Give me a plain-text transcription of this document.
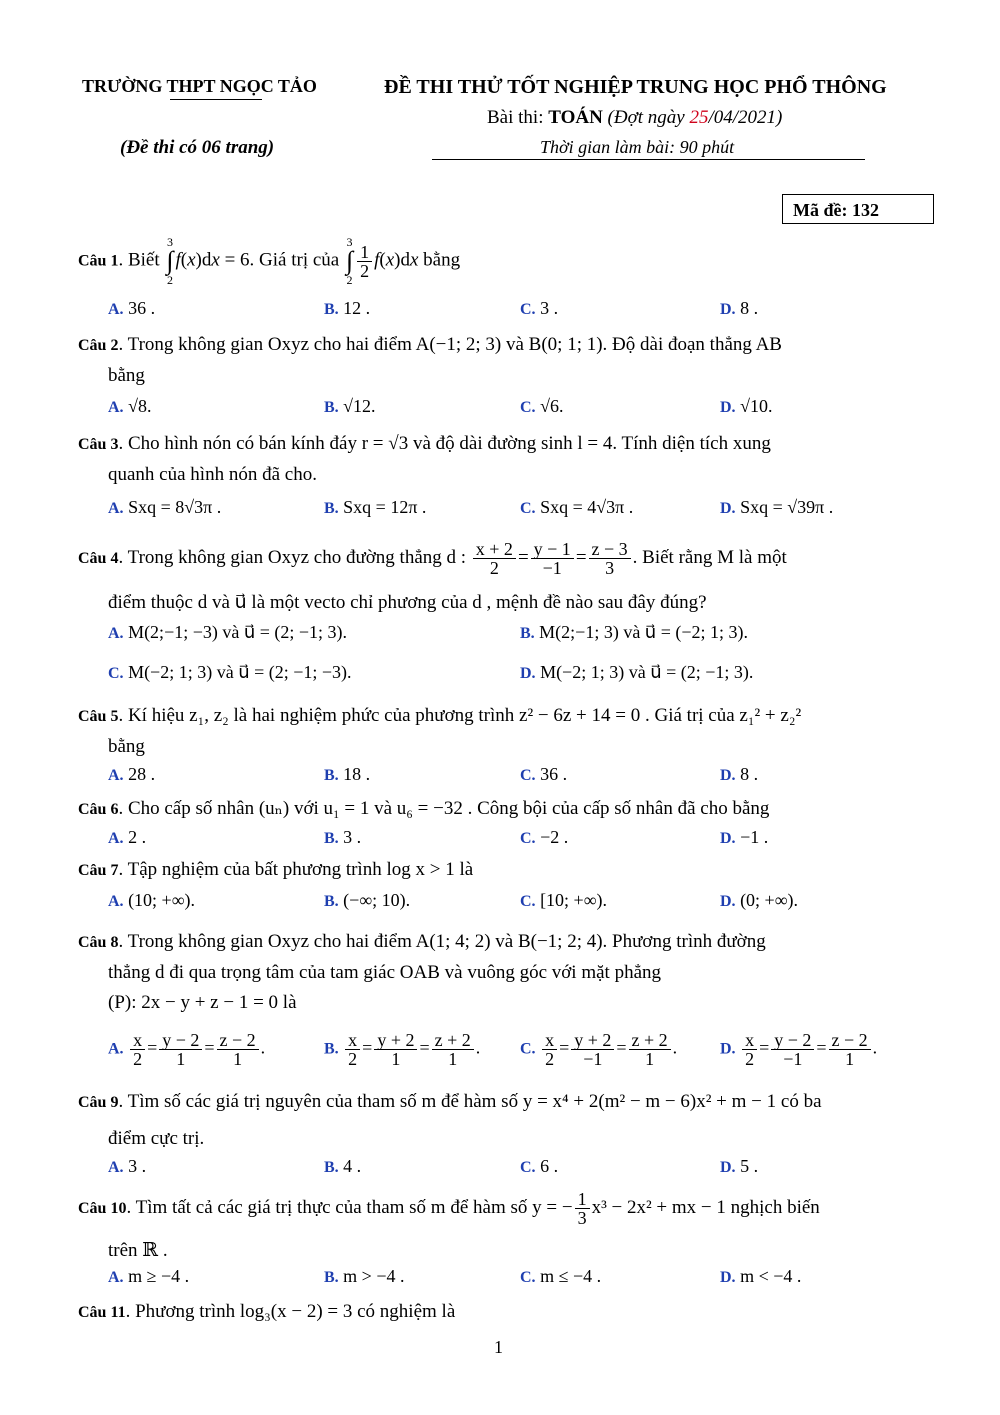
TRƯỜNG THPT NGỌC TẢO	ĐỀ THI THỬ TỐT NGHIỆP TRUNG HỌC PHỔ THÔNG
Bài thi: TOÁN (Đợt ngày 25/04/2021)
(Đề thi có 06 trang)	Thời gian làm bài: 90 phút
Mã đề: 132
Câu 1. Biết 3
∫
2f(x)dx = 6. Giá trị của 3
∫
2
$\frac{1}{2} f(x)dx$ bằng
A. 36 .	B. 12 .	C. 3 .	D. 8 .
Câu 2. Trong không gian Oxyz cho hai điểm A(−1; 2; 3) và B(0; 1; 1). Độ dài đoạn thẳng AB
bằng
A. √8.	B. √12.	C. √6.	D. √10.
Câu 3. Cho hình nón có bán kính đáy r = √3 và độ dài đường sinh l = 4. Tính diện tích xung
quanh của hình nón đã cho.
A. Sxq = 8√3π .	B. Sxq = 12π .	C. Sxq = 4√3π .	D. Sxq = √39π .
Câu 4. Trong không gian Oxyz cho đường thẳng d : $\frac{x + 2}{2} = \frac{y - 1}{-1} = \frac{z - 3}{3}$ . Biết rằng M là một
điểm thuộc d và u⃗ là một vecto chỉ phương của d , mệnh đề nào sau đây đúng?
A. M(2;−1; −3) và u⃗ = (2; −1; 3).	B. M(2;−1; 3) và u⃗ = (−2; 1; 3).
C. M(−2; 1; 3) và u⃗ = (2; −1; −3).	D. M(−2; 1; 3) và u⃗ = (2; −1; 3).
Câu 5. Kí hiệu z₁, z₂ là hai nghiệm phức của phương trình z² − 6z + 14 = 0 . Giá trị của z₁² + z₂²
bằng
A. 28 .	B. 18 .	C. 36 .	D. 8 .
Câu 6. Cho cấp số nhân (uₙ) với u₁ = 1 và u₆ = −32 . Công bội của cấp số nhân đã cho bằng
A. 2 .	B. 3 .	C. −2 .	D. −1 .
Câu 7. Tập nghiệm của bất phương trình log x > 1 là
A. (10; +∞).	B. (−∞; 10).	C. [10; +∞).	D. (0; +∞).
Câu 8. Trong không gian Oxyz cho hai điểm A(1; 4; 2) và B(−1; 2; 4). Phương trình đường
thẳng d đi qua trọng tâm của tam giác OAB và vuông góc với mặt phẳng
(P): 2x − y + z − 1 = 0 là
A. $\frac{x}{2} = \frac{y - 2}{1} = \frac{z - 2}{1}$ .	B. $\frac{x}{2} = \frac{y + 2}{1} = \frac{z + 2}{1}$ . C. $\frac{x}{2} = \frac{y + 2}{-1} = \frac{z + 2}{1}$ .	D. $\frac{x}{2} = \frac{y - 2}{-1} = \frac{z - 2}{1}$ .
Câu 9. Tìm số các giá trị nguyên của tham số m để hàm số y = x⁴ + 2(m² − m − 6)x² + m − 1 có ba
điểm cực trị.
A. 3 .	B. 4 .	C. 6 .	D. 5 .
Câu 10. Tìm tất cả các giá trị thực của tham số m để hàm số y = − $\frac{1}{3} x^3 - 2x^2$ + mx − 1 nghịch biến
trên ℝ .
A. m ≥ −4 .	B. m > −4 .	C. m ≤ −4 .	D. m < −4 .
Câu 11. Phương trình log₃(x − 2) = 3 có nghiệm là
1
